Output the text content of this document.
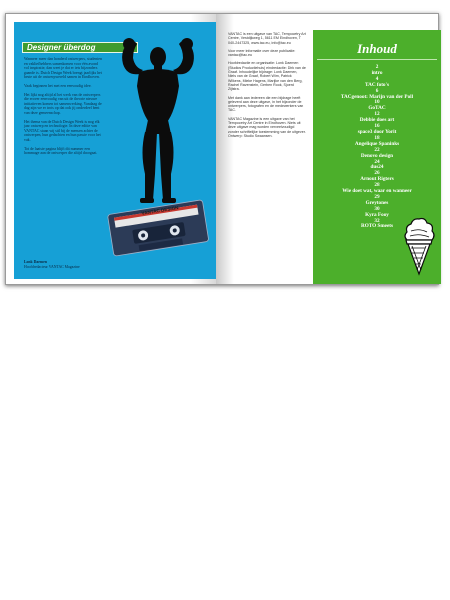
Designer überdog

Wanneer meer dan honderd ontwerpers, studenten en vakliefhebbers samenkomen voor één avond vol inspiratie, dan weet je dat er iets bijzonders gaande is. Dutch Design Week brengt jaarlijks het beste uit de ontwerpwereld samen in Eindhoven.

Vaak beginnen het met een eenvoudig idee.

Het lijkt nog altijd al het werk van de ontwerpers die erover eenvoudig van uit de theorie nieuwe initiatieven komen tot samenwerking. Vandaag de dag zijn we er trots op dat ook jij onderdeel bent van deze gemeenschap.

Het thema van de Dutch Design Week is nog elk jaar ontwerp en technologie. In deze editie van VANTAC staan wij stil bij de mensen achter de ontwerpen, hun gedachten en hun passie voor het vak.

Tot de laatste pagina blijft dit nummer een hommage aan de ontwerper die altijd doorgaat.

Lonk Daemen
Hoofdredacteur VANTAC Magazine
VANTAC DESIGN

VANTAC is een uitgave van TAC, Tempocetry Art Centre, Vestdijkweg 1, 5611 EM Eindhoven, T 040-2447325, www.tac.eu, info@tac.eu

Voor meer informatie over deze publicatie: vantac@tac.eu

Hoofdredactie en organisatie: Lonk Daemen (Studios Productiehuis) eindredactie: Dirk van de Graaf. Inhoudelijke bijdrage: Lonk Daemen, Niels van de Graaf, Robert Wim, Patrick Wilkens, Mieke Hagens, Marijke van den Berg, Rachel Ravenstein, Gerben Rook, Sjoerd Zijlstra.

Met dank aan iedereen die een bijdrage heeft geleverd aan deze uitgave, in het bijzonder de ontwerpers, fotografen en de medewerkers van TAC.

VANTAC Magazine is een uitgave van het Tempocetry Art Centre in Eindhoven. Niets uit deze uitgave mag worden verveelvoudigd zonder schriftelijke toestemming van de uitgever. Ontwerp: Studio Swaansen.

Inhoud
2
intro
4
TAC foto's
6
TACgenoot: Marijn van der Poll
10
GoTAC
12
Debbie does art
16
space3 door Yorit
18
Angelique Spaninks
22
Denovo design
24
dus24
26
Arnout Rigters
28
Wie doet wat, waar en wanneer
29
Greytones
30
Kyra Fooy
32
ROTO Smeets
